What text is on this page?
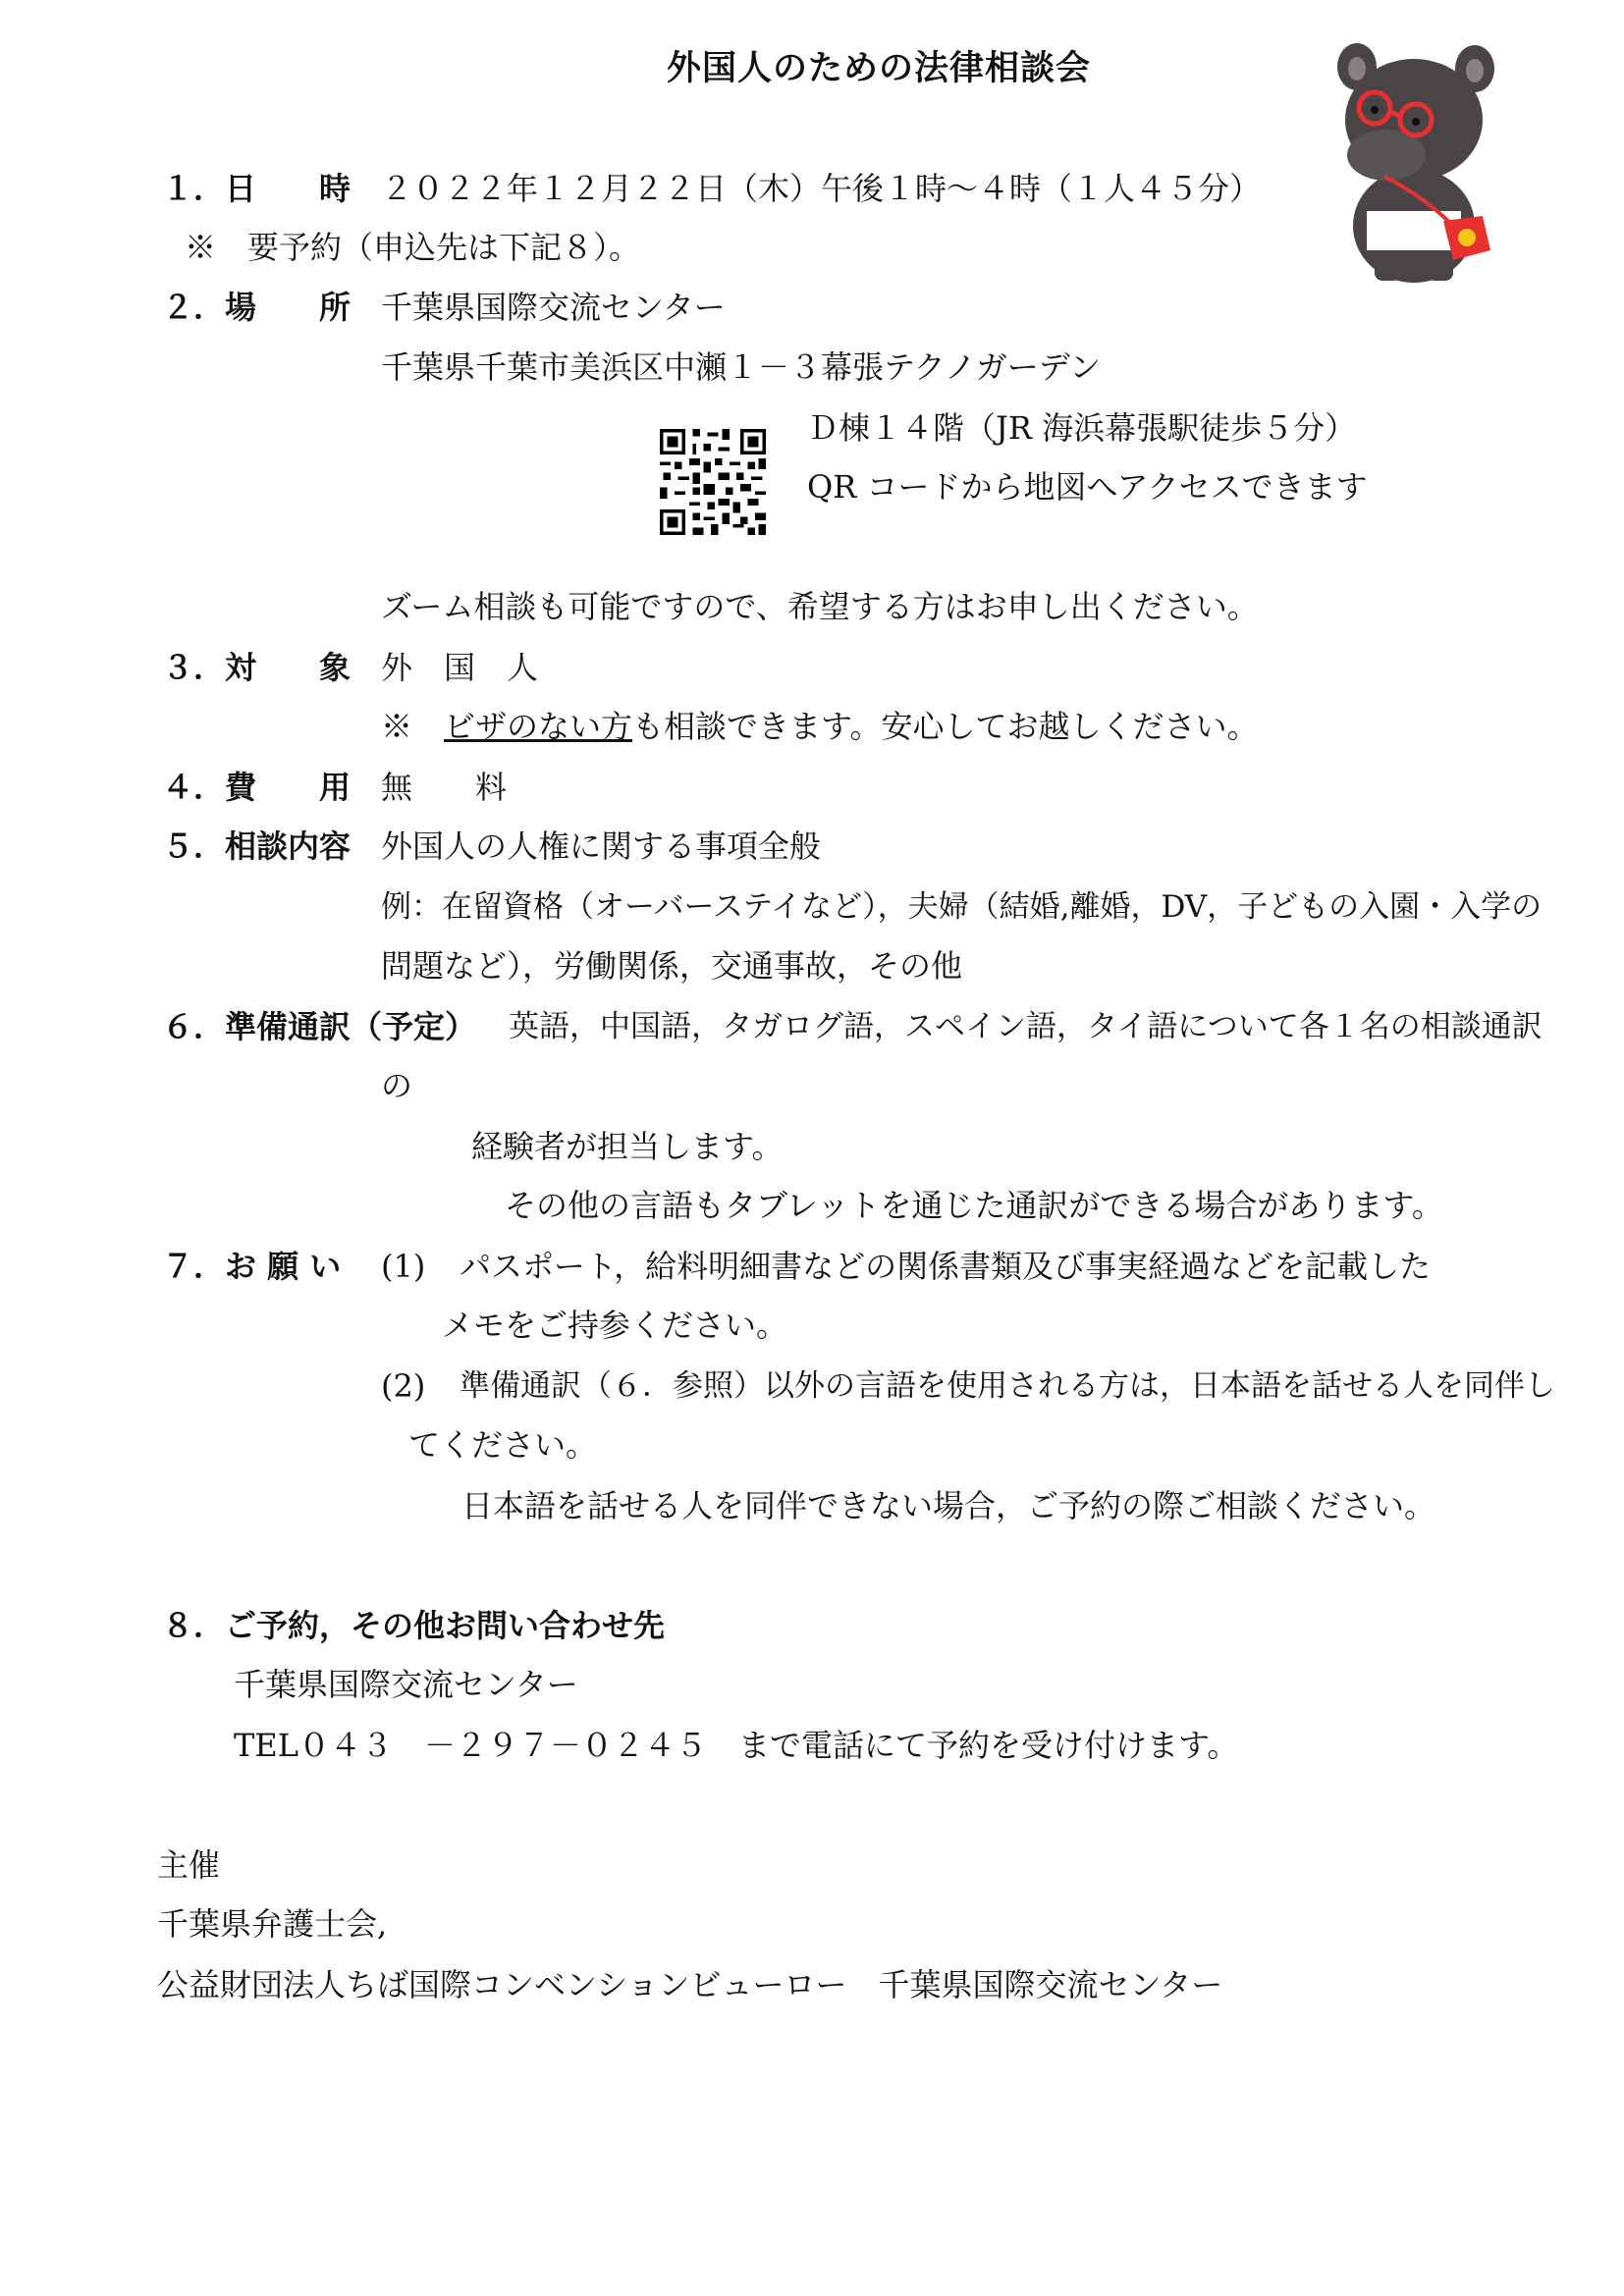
外国人のための法律相談会
１．日　　時 ２０２２年１２月２２日（木）午後１時〜４時（１人４５分）
※　要予約（申込先は下記８）。
２．場　　所 千葉県国際交流センター
千葉県千葉市美浜区中瀬１－３幕張テクノガーデン
Ｄ棟１４階（JR 海浜幕張駅徒歩５分）
QR コードから地図へアクセスできます
ズーム相談も可能ですので、希望する方はお申し出ください。
３．対　　象 外　国　人
※　ビザのない方も相談できます。安心してお越しください。
４．費　　用 無　　料
５．相談内容 外国人の人権に関する事項全般
例：在留資格（オーバーステイなど），夫婦（結婚,離婚，DV，子どもの入園・入学の
問題など），労働関係，交通事故，その他
６．準備通訳（予定） 英語，中国語，タガログ語，スペイン語，タイ語について各１名の相談通訳
の
経験者が担当します。
その他の言語もタブレットを通じた通訳ができる場合があります。
７．お 願 い (1) パスポート，給料明細書などの関係書類及び事実経過などを記載した
メモをご持参ください。
(2) 準備通訳（６．参照）以外の言語を使用される方は，日本語を話せる人を同伴し
てください。
日本語を話せる人を同伴できない場合，ご予約の際ご相談ください。
８．ご予約，その他お問い合わせ先
千葉県国際交流センター
TEL０４３　－２９７－０２４５　まで電話にて予約を受け付けます。
主催
千葉県弁護士会,
公益財団法人ちば国際コンベンションビューロー　千葉県国際交流センター
